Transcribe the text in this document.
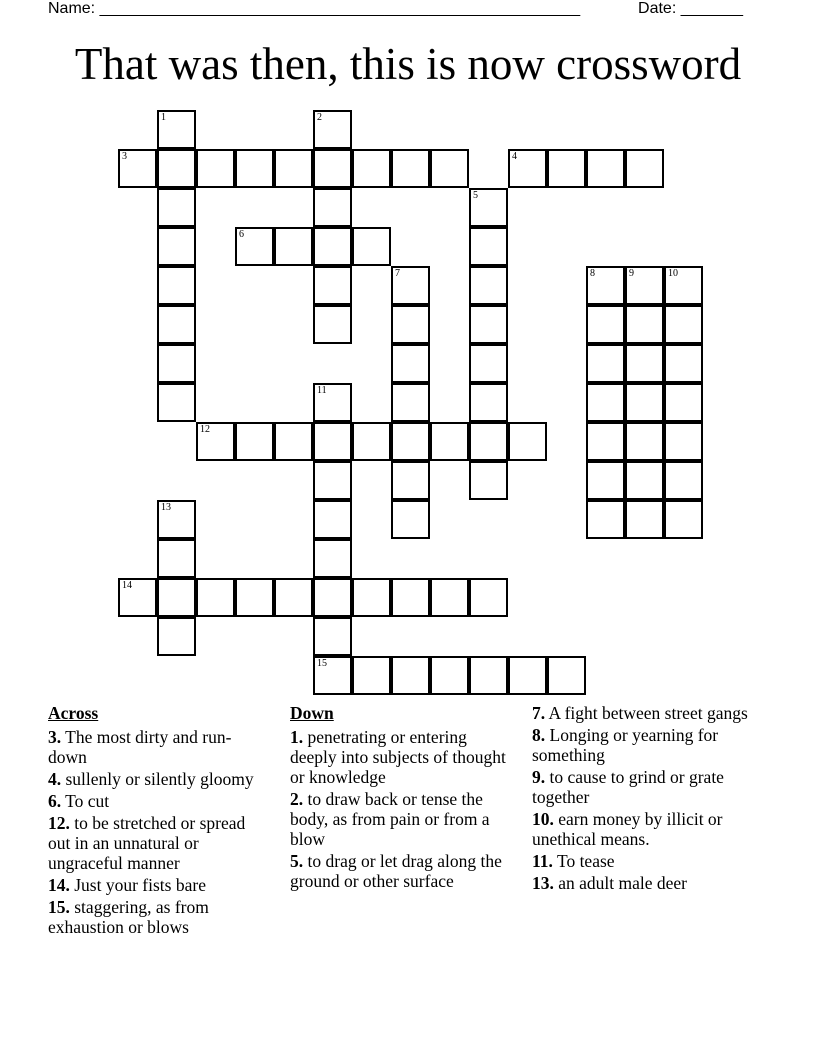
Name: ______________________________________________________	Date: _______
That was then, this is now crossword
1	2
3	4
5
6
7	8	9	10
11
12
13
14
15
Across
3. The most dirty and run-down
4. sullenly or silently gloomy
6. To cut
12. to be stretched or spread out in an unnatural or ungraceful manner
14. Just your fists bare
15. staggering, as from exhaustion or blows
Down
1. penetrating or entering deeply into subjects of thought or knowledge
2. to draw back or tense the body, as from pain or from a blow
5. to drag or let drag along the ground or other surface
7. A fight between street gangs
8. Longing or yearning for something
9. to cause to grind or grate together
10. earn money by illicit or unethical means.
11. To tease
13. an adult male deer
